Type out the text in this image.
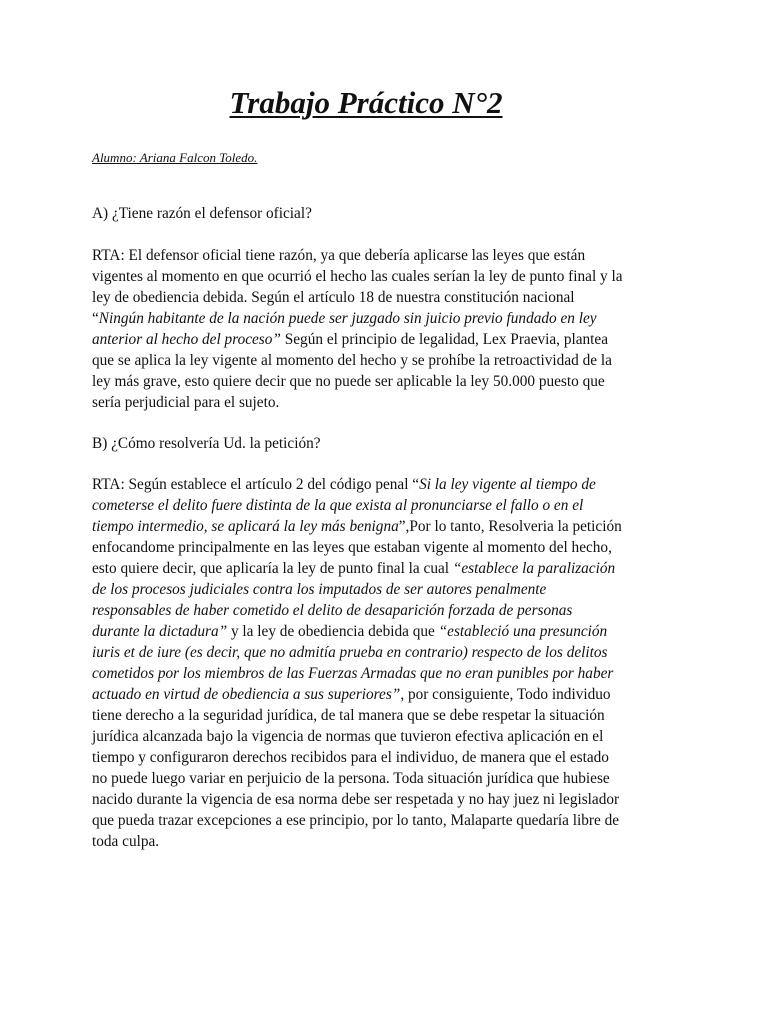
Trabajo Práctico N°2

Alumno: Ariana Falcon Toledo.

A) ¿Tiene razón el defensor oficial?

RTA: El defensor oficial tiene razón, ya que debería aplicarse las leyes que están
vigentes al momento en que ocurrió el hecho las cuales serían la ley de punto final y la
ley de obediencia debida. Según el artículo 18 de nuestra constitución nacional
“Ningún habitante de la nación puede ser juzgado sin juicio previo fundado en ley
anterior al hecho del proceso” Según el principio de legalidad, Lex Praevia, plantea
que se aplica la ley vigente al momento del hecho y se prohíbe la retroactividad de la
ley más grave, esto quiere decir que no puede ser aplicable la ley 50.000 puesto que
sería perjudicial para el sujeto.

B) ¿Cómo resolvería Ud. la petición?

RTA: Según establece el artículo 2 del código penal “Si la ley vigente al tiempo de
cometerse el delito fuere distinta de la que exista al pronunciarse el fallo o en el
tiempo intermedio, se aplicará la ley más benigna”,Por lo tanto, Resolveria la petición
enfocandome principalmente en las leyes que estaban vigente al momento del hecho,
esto quiere decir, que aplicaría la ley de punto final la cual “establece la paralización
de los procesos judiciales contra los imputados de ser autores penalmente
responsables de haber cometido el delito de desaparición forzada de personas
durante la dictadura” y la ley de obediencia debida que “estableció una presunción
iuris et de iure (es decir, que no admitía prueba en contrario) respecto de los delitos
cometidos por los miembros de las Fuerzas Armadas que no eran punibles por haber
actuado en virtud de obediencia a sus superiores”, por consiguiente, Todo individuo
tiene derecho a la seguridad jurídica, de tal manera que se debe respetar la situación
jurídica alcanzada bajo la vigencia de normas que tuvieron efectiva aplicación en el
tiempo y configuraron derechos recibidos para el individuo, de manera que el estado
no puede luego variar en perjuicio de la persona. Toda situación jurídica que hubiese
nacido durante la vigencia de esa norma debe ser respetada y no hay juez ni legislador
que pueda trazar excepciones a ese principio, por lo tanto, Malaparte quedaría libre de
toda culpa.
